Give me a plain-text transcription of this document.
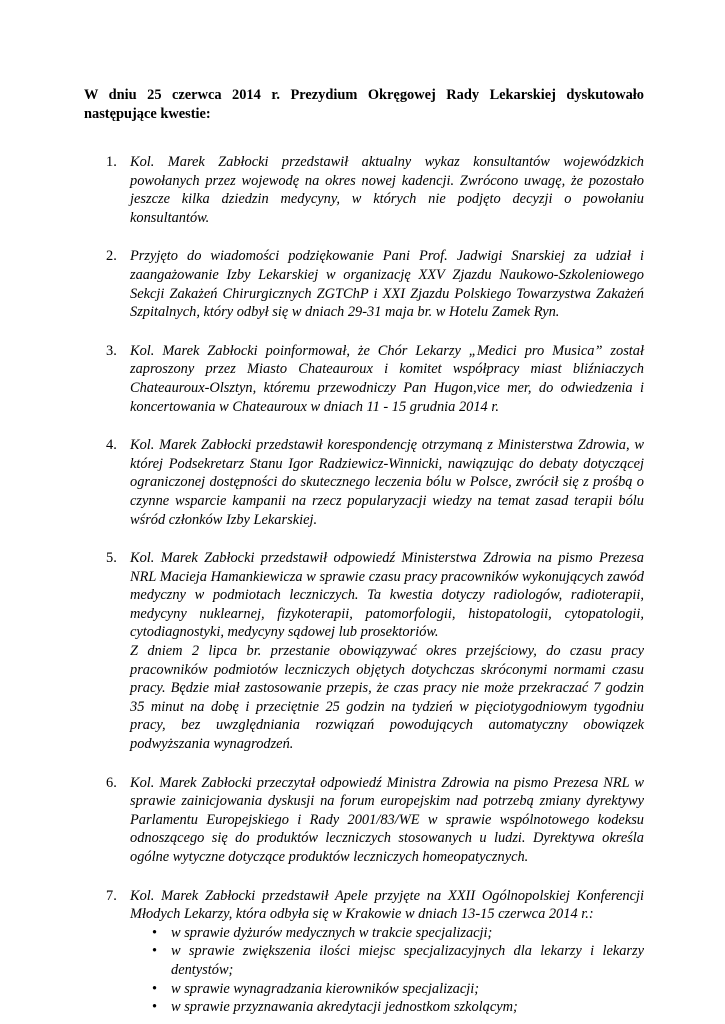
W dniu 25 czerwca 2014 r. Prezydium Okręgowej Rady Lekarskiej dyskutowało następujące kwestie:
1. Kol. Marek Zabłocki przedstawił aktualny wykaz konsultantów wojewódzkich powołanych przez wojewodę na okres nowej kadencji. Zwrócono uwagę, że pozostało jeszcze kilka dziedzin medycyny, w których nie podjęto decyzji o powołaniu konsultantów.

2. Przyjęto do wiadomości podziękowanie Pani Prof. Jadwigi Snarskiej za udział i zaangażowanie Izby Lekarskiej w organizację XXV Zjazdu Naukowo-Szkoleniowego Sekcji Zakażeń Chirurgicznych ZGTChP i XXI Zjazdu Polskiego Towarzystwa Zakażeń Szpitalnych, który odbył się w dniach 29-31 maja br. w Hotelu Zamek Ryn.

3. Kol. Marek Zabłocki poinformował, że Chór Lekarzy „Medici pro Musica” został zaproszony przez Miasto Chateauroux i komitet współpracy miast bliźniaczych Chateauroux-Olsztyn, któremu przewodniczy Pan Hugon,vice mer, do odwiedzenia i koncertowania w Chateauroux w dniach 11 - 15 grudnia 2014 r.

4. Kol. Marek Zabłocki przedstawił korespondencję otrzymaną z Ministerstwa Zdrowia, w której Podsekretarz Stanu Igor Radziewicz-Winnicki, nawiązując do debaty dotyczącej ograniczonej dostępności do skutecznego leczenia bólu w Polsce, zwrócił się z prośbą o czynne wsparcie kampanii na rzecz popularyzacji wiedzy na temat zasad terapii bólu wśród członków Izby Lekarskiej.

5. Kol. Marek Zabłocki przedstawił odpowiedź Ministerstwa Zdrowia na pismo Prezesa NRL Macieja Hamankiewicza w sprawie czasu pracy pracowników wykonujących zawód medyczny w podmiotach leczniczych. Ta kwestia dotyczy radiologów, radioterapii, medycyny nuklearnej, fizykoterapii, patomorfologii, histopatologii, cytopatologii, cytodiagnostyki, medycyny sądowej lub prosektoriów.

Z dniem 2 lipca br. przestanie obowiązywać okres przejściowy, do czasu pracy pracowników podmiotów leczniczych objętych dotychczas skróconymi normami czasu pracy. Będzie miał zastosowanie przepis, że czas pracy nie może przekraczać 7 godzin 35 minut na dobę i przeciętnie 25 godzin na tydzień w pięciotygodniowym tygodniu pracy, bez uwzględniania rozwiązań powodujących automatyczny obowiązek podwyższania wynagrodzeń.

6. Kol. Marek Zabłocki przeczytał odpowiedź Ministra Zdrowia na pismo Prezesa NRL w sprawie zainicjowania dyskusji na forum europejskim nad potrzebą zmiany dyrektywy Parlamentu Europejskiego i Rady 2001/83/WE w sprawie wspólnotowego kodeksu odnoszącego się do produktów leczniczych stosowanych u ludzi. Dyrektywa określa ogólne wytyczne dotyczące produktów leczniczych homeopatycznych.

7. Kol. Marek Zabłocki przedstawił Apele przyjęte na XXII Ogólnopolskiej Konferencji Młodych Lekarzy, która odbyła się w Krakowie w dniach 13-15 czerwca 2014 r.:

• w sprawie dyżurów medycznych w trakcie specjalizacji;
• w sprawie zwiększenia ilości miejsc specjalizacyjnych dla lekarzy i lekarzy dentystów;
• w sprawie wynagradzania kierowników specjalizacji;
• w sprawie przyznawania akredytacji jednostkom szkolącym;
